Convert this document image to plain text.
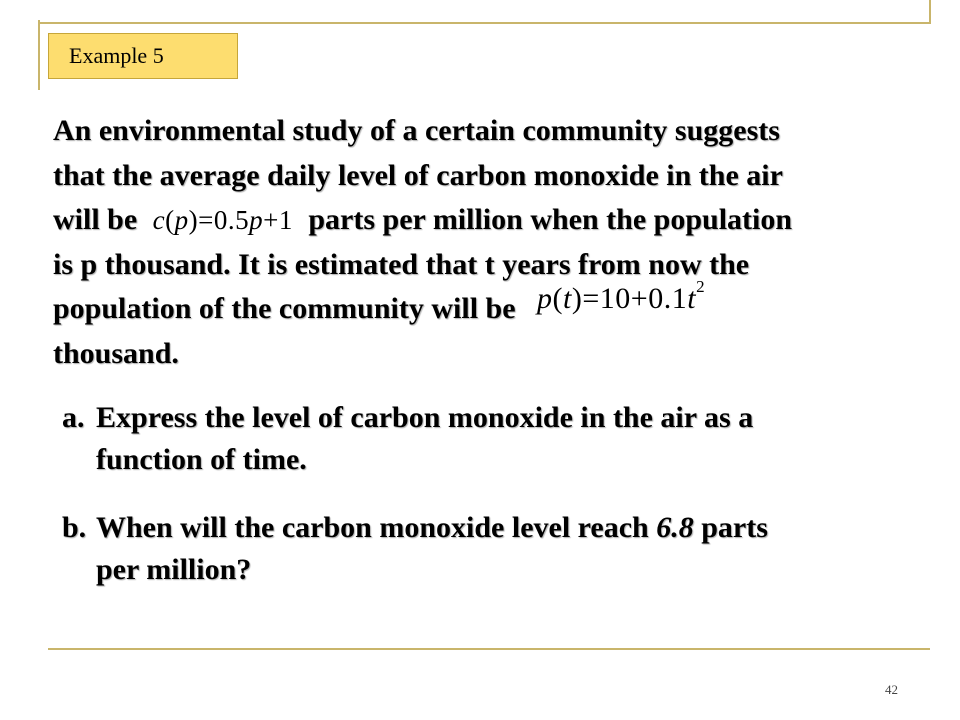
Example 5
An environmental study of a certain community suggests
that the average daily level of carbon monoxide in the air
will be c(p)=0.5p+1 parts per million when the population
is p thousand. It is estimated that t years from now the
population of the community will be $p(t)=10+0.1t^2$
thousand.
a. Express the level of carbon monoxide in the air as a
function of time.
b. When will the carbon monoxide level reach 6.8 parts
per million?
42
